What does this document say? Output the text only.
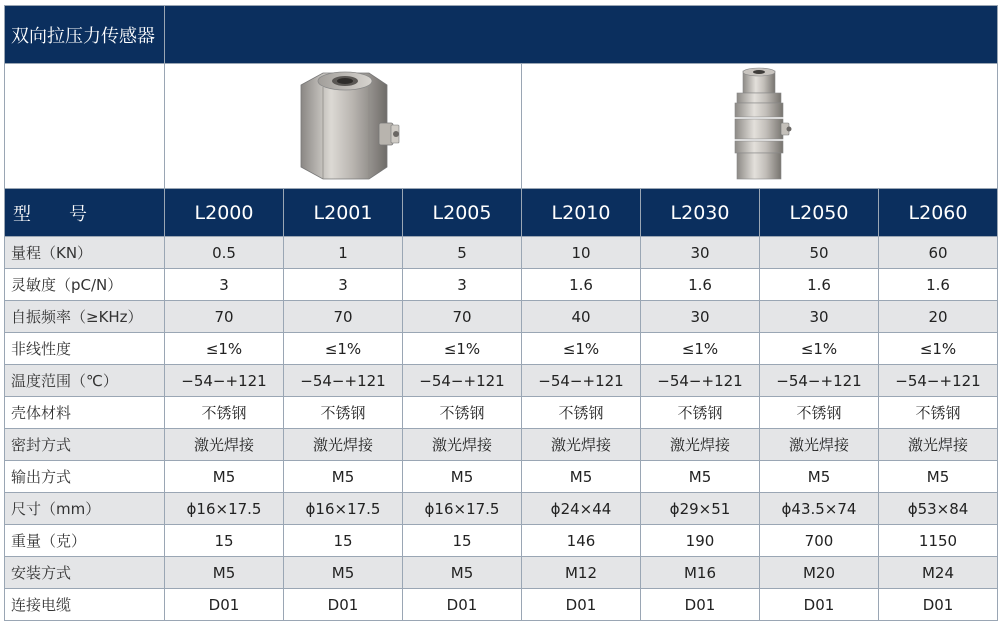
双向拉压力传感器							

型 号	L2000	L2001	L2005	L2010	L2030	L2050	L2060
量程（KN）	0.5	1	5	10	30	50	60
灵敏度（pC/N）	3	3	3	1.6	1.6	1.6	1.6
自振频率（≥KHz）	70	70	70	40	30	30	20
非线性度	≤1%	≤1%	≤1%	≤1%	≤1%	≤1%	≤1%
温度范围（℃）	−54−+121	−54−+121	−54−+121	−54−+121	−54−+121	−54−+121	−54−+121
壳体材料	不锈钢	不锈钢	不锈钢	不锈钢	不锈钢	不锈钢	不锈钢
密封方式	激光焊接	激光焊接	激光焊接	激光焊接	激光焊接	激光焊接	激光焊接
输出方式	M5	M5	M5	M5	M5	M5	M5
尺寸（mm）	ϕ16×17.5	ϕ16×17.5	ϕ16×17.5	ϕ24×44	ϕ29×51	ϕ43.5×74	ϕ53×84
重量（克）	15	15	15	146	190	700	1150
安装方式	M5	M5	M5	M12	M16	M20	M24
连接电缆	D01	D01	D01	D01	D01	D01	D01
